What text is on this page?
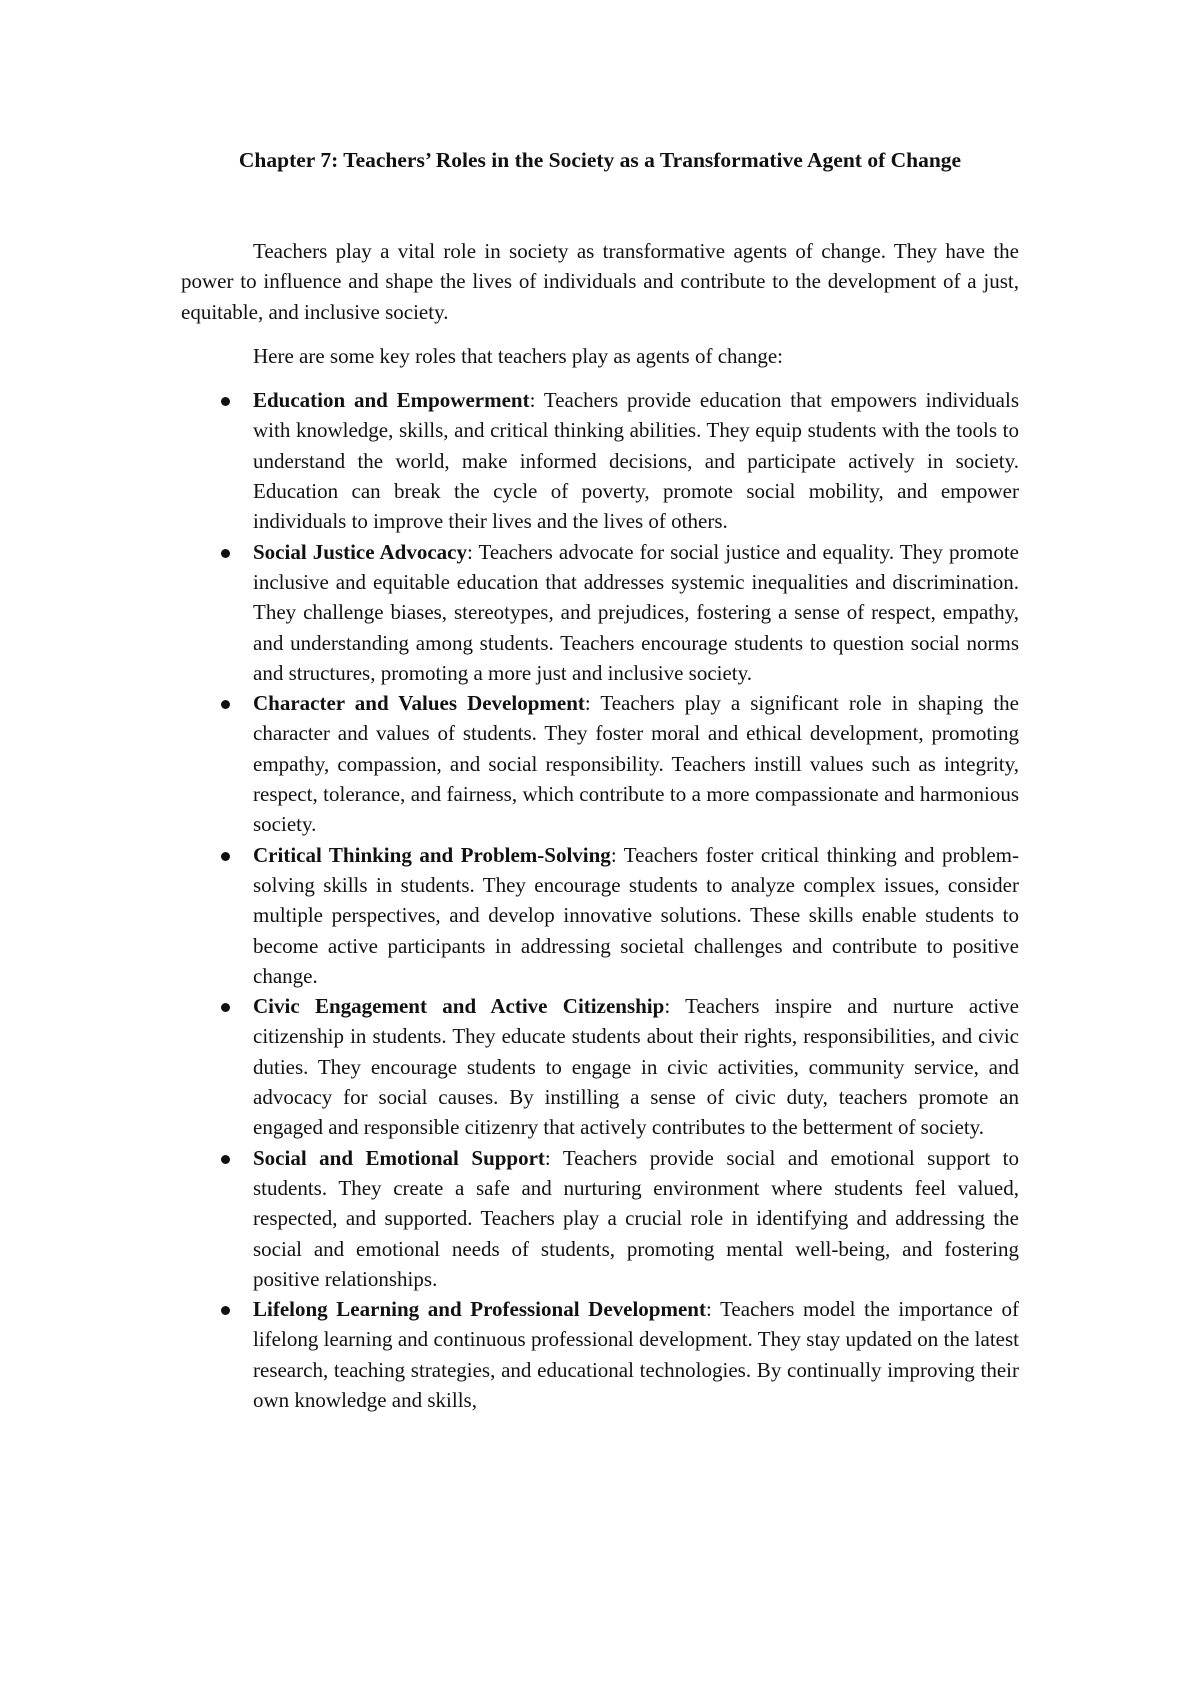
Chapter 7: Teachers’ Roles in the Society as a Transformative Agent of Change

Teachers play a vital role in society as transformative agents of change. They have the power to influence and shape the lives of individuals and contribute to the development of a just, equitable, and inclusive society.

Here are some key roles that teachers play as agents of change:

Education and Empowerment: Teachers provide education that empowers individuals with knowledge, skills, and critical thinking abilities. They equip students with the tools to understand the world, make informed decisions, and participate actively in society. Education can break the cycle of poverty, promote social mobility, and empower individuals to improve their lives and the lives of others.
Social Justice Advocacy: Teachers advocate for social justice and equality. They promote inclusive and equitable education that addresses systemic inequalities and discrimination. They challenge biases, stereotypes, and prejudices, fostering a sense of respect, empathy, and understanding among students. Teachers encourage students to question social norms and structures, promoting a more just and inclusive society.
Character and Values Development: Teachers play a significant role in shaping the character and values of students. They foster moral and ethical development, promoting empathy, compassion, and social responsibility. Teachers instill values such as integrity, respect, tolerance, and fairness, which contribute to a more compassionate and harmonious society.
Critical Thinking and Problem-Solving: Teachers foster critical thinking and problem-solving skills in students. They encourage students to analyze complex issues, consider multiple perspectives, and develop innovative solutions. These skills enable students to become active participants in addressing societal challenges and contribute to positive change.
Civic Engagement and Active Citizenship: Teachers inspire and nurture active citizenship in students. They educate students about their rights, responsibilities, and civic duties. They encourage students to engage in civic activities, community service, and advocacy for social causes. By instilling a sense of civic duty, teachers promote an engaged and responsible citizenry that actively contributes to the betterment of society.
Social and Emotional Support: Teachers provide social and emotional support to students. They create a safe and nurturing environment where students feel valued, respected, and supported. Teachers play a crucial role in identifying and addressing the social and emotional needs of students, promoting mental well-being, and fostering positive relationships.
Lifelong Learning and Professional Development: Teachers model the importance of lifelong learning and continuous professional development. They stay updated on the latest research, teaching strategies, and educational technologies. By continually improving their own knowledge and skills,
